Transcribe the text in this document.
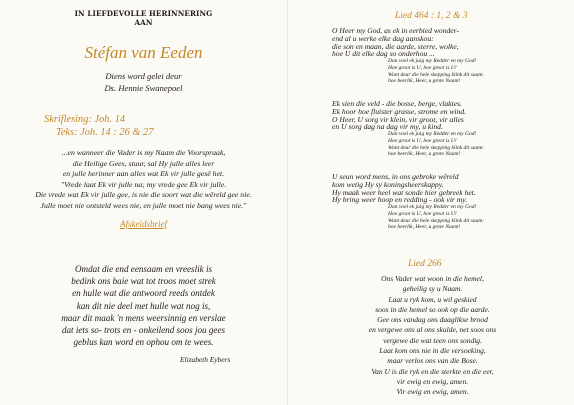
IN LIEFDEVOLLE HERINNERING
AAN
Stéfan van Eeden
Diens word gelei deur
Ds. Hennie Swanepoel
Skriflesing: Joh. 14
Teks: Joh. 14 : 26 & 27
...en wanneer die Vader is my Naam die Voorspraak,
die Heilige Gees, stuur, sal Hy julle alles leer
en julle herinner aan alles wat Ek vir julle gesê het.
"Vrede laat Ek vir julle na; my vrede gee Ek vir julle.
Die vrede wat Ek vir julle gee, is nie die soort wat die wêreld gee nie.
Julle moet nie ontsteld wees nie, en julle moet nie bang wees nie."
Afskeidsbrief
Omdat die end eensaam en vreeslik is
bedink ons baie wat tot troos moet strek
en hulle wat die antwoord reeds ontdek
kan dit nie deel met hulle wat nog is,
maar dit maak 'n mens weersinnig en verslae
dat iets so- trots en - onkeilend soos jou gees
geblus kan word en ophou om te wees.
Elizabeth Eybers
Lied 464 : 1, 2 & 3
O Heer my God, as ek in eerbied wonder-
end al u werke elke dag aanskou:
die son en maan, die aarde, sterre, wolke,
hoe U dit elke dag so onderhou ...
Dan voel ek juig my Redder en my God!
Hoe groot is U, hoe groot is U!
Want deur die hele skepping klink dit saam:
hoe heerlik, Heer, u grote Naam!
Ek sien die veld - die bosse, berge, vlaktes.
Ek hoor hoe fluister grasse, strome en wind.
O Heer, U sorg vir klein, vir groot, vir alles
en U sorg dag na dag vir my, u kind.
Dan voel ek juig my Redder en my God!
Hoe groot is U, hoe groot is U!
Want deur die hele skepping klink dit saam:
hoe heerlik, Heer, u grote Naam!
U seun word mens, in ons gebroke wêreld
kom wetig Hy sy koningsheerskappy.
Hy maak weer heel wat sonde hier gebreek het.
Hy bring weer hoop en redding - ook vir my.
Dan voel ek juig my Redder en my God!
Hoe groot is U, hoe groot is U!
Want deur die hele skepping klink dit saam:
hoe heerlik, Heer, u grote Naam!
Lied 266
Ons Vader wat woon in die hemel,
geheilig sy u Naam.
Laat u ryk kom, u wil geskied
soos in die hemel so ook op die aarde.
Gee ons vandag ons daaglikse brood
en vergewe ons al ons skulde, net soos ons
vergewe die wat teen ons sondig.
Laat kom ons nie in die versoeking,
maar verlos ons van die Bose.
Van U is die ryk en die sterkte en die eer,
vir ewig en ewig, amen.
Vir ewig en ewig, amen.
